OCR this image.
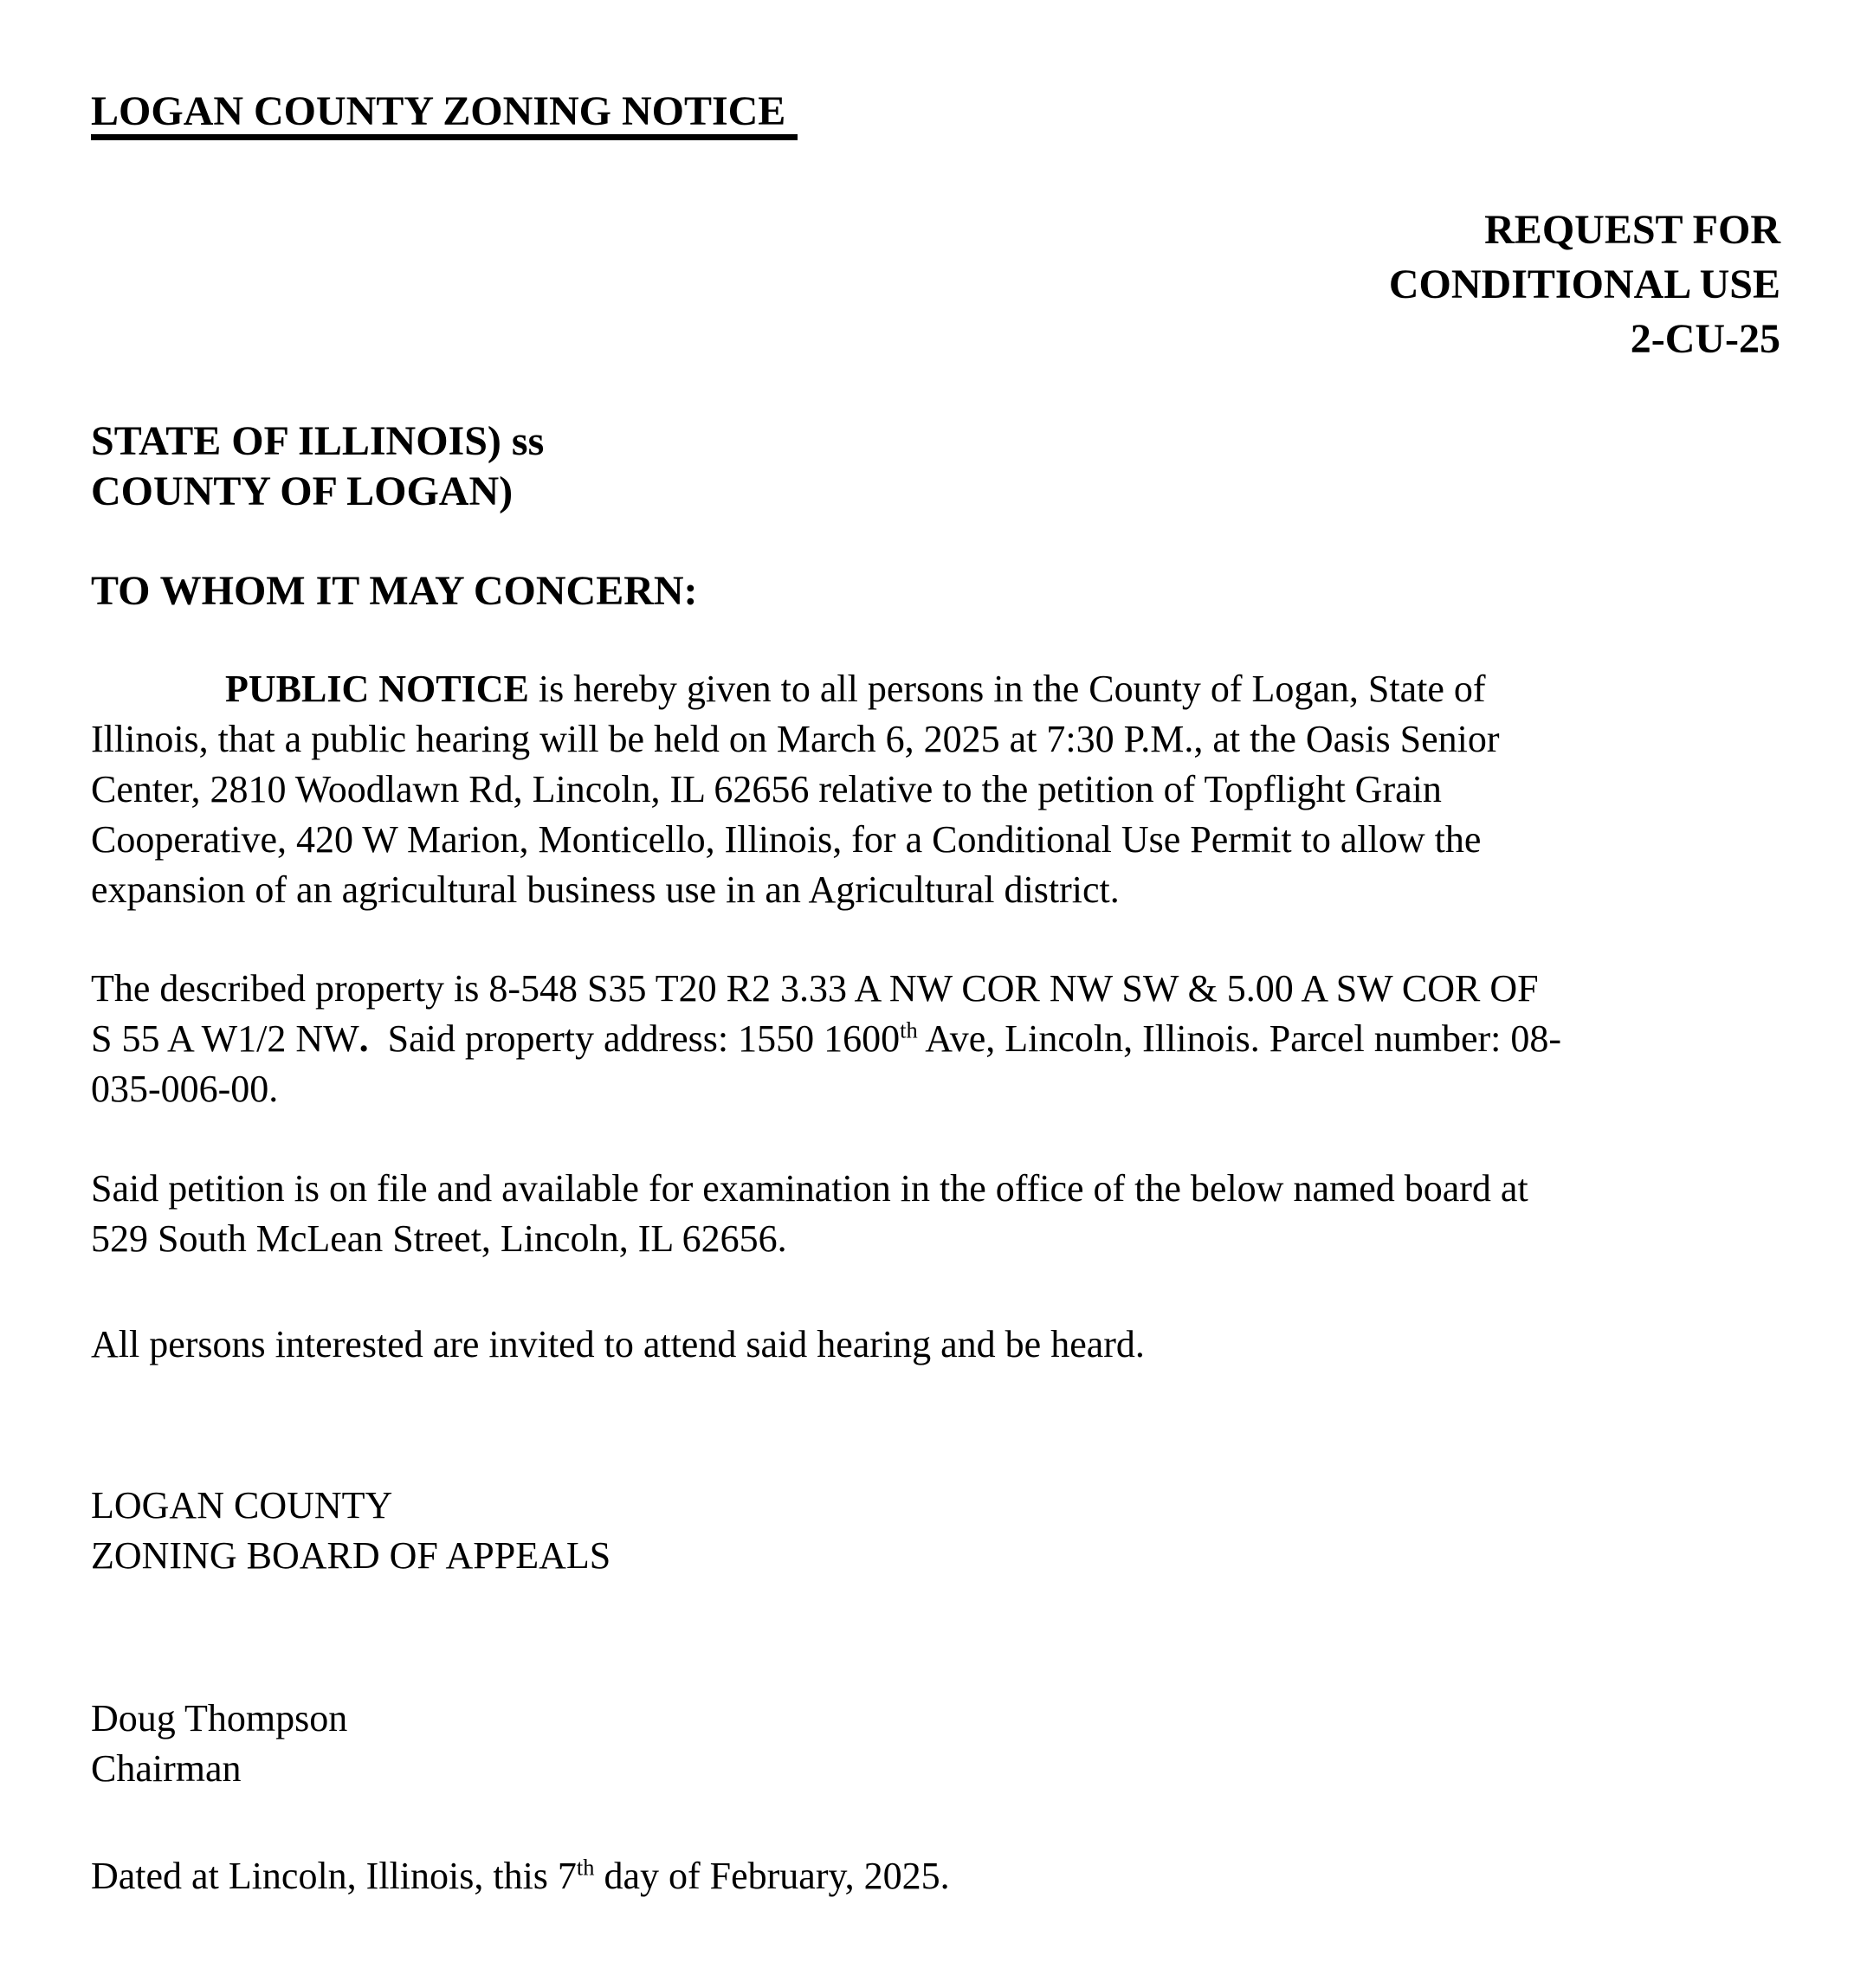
LOGAN COUNTY ZONING NOTICE
REQUEST FOR
CONDITIONAL USE
2-CU-25
STATE OF ILLINOIS) ss
COUNTY OF LOGAN)
TO WHOM IT MAY CONCERN:
PUBLIC NOTICE is hereby given to all persons in the County of Logan, State of
Illinois, that a public hearing will be held on March 6, 2025 at 7:30 P.M., at the Oasis Senior
Center, 2810 Woodlawn Rd, Lincoln, IL 62656 relative to the petition of Topflight Grain
Cooperative, 420 W Marion, Monticello, Illinois, for a Conditional Use Permit to allow the
expansion of an agricultural business use in an Agricultural district.
The described property is 8-548 S35 T20 R2 3.33 A NW COR NW SW & 5.00 A SW COR OF
S 55 A W1/2 NW.  Said property address: 1550 1600th Ave, Lincoln, Illinois. Parcel number: 08-
035-006-00.
Said petition is on file and available for examination in the office of the below named board at
529 South McLean Street, Lincoln, IL 62656.
All persons interested are invited to attend said hearing and be heard.
LOGAN COUNTY
ZONING BOARD OF APPEALS
Doug Thompson
Chairman
Dated at Lincoln, Illinois, this 7th day of February, 2025.
